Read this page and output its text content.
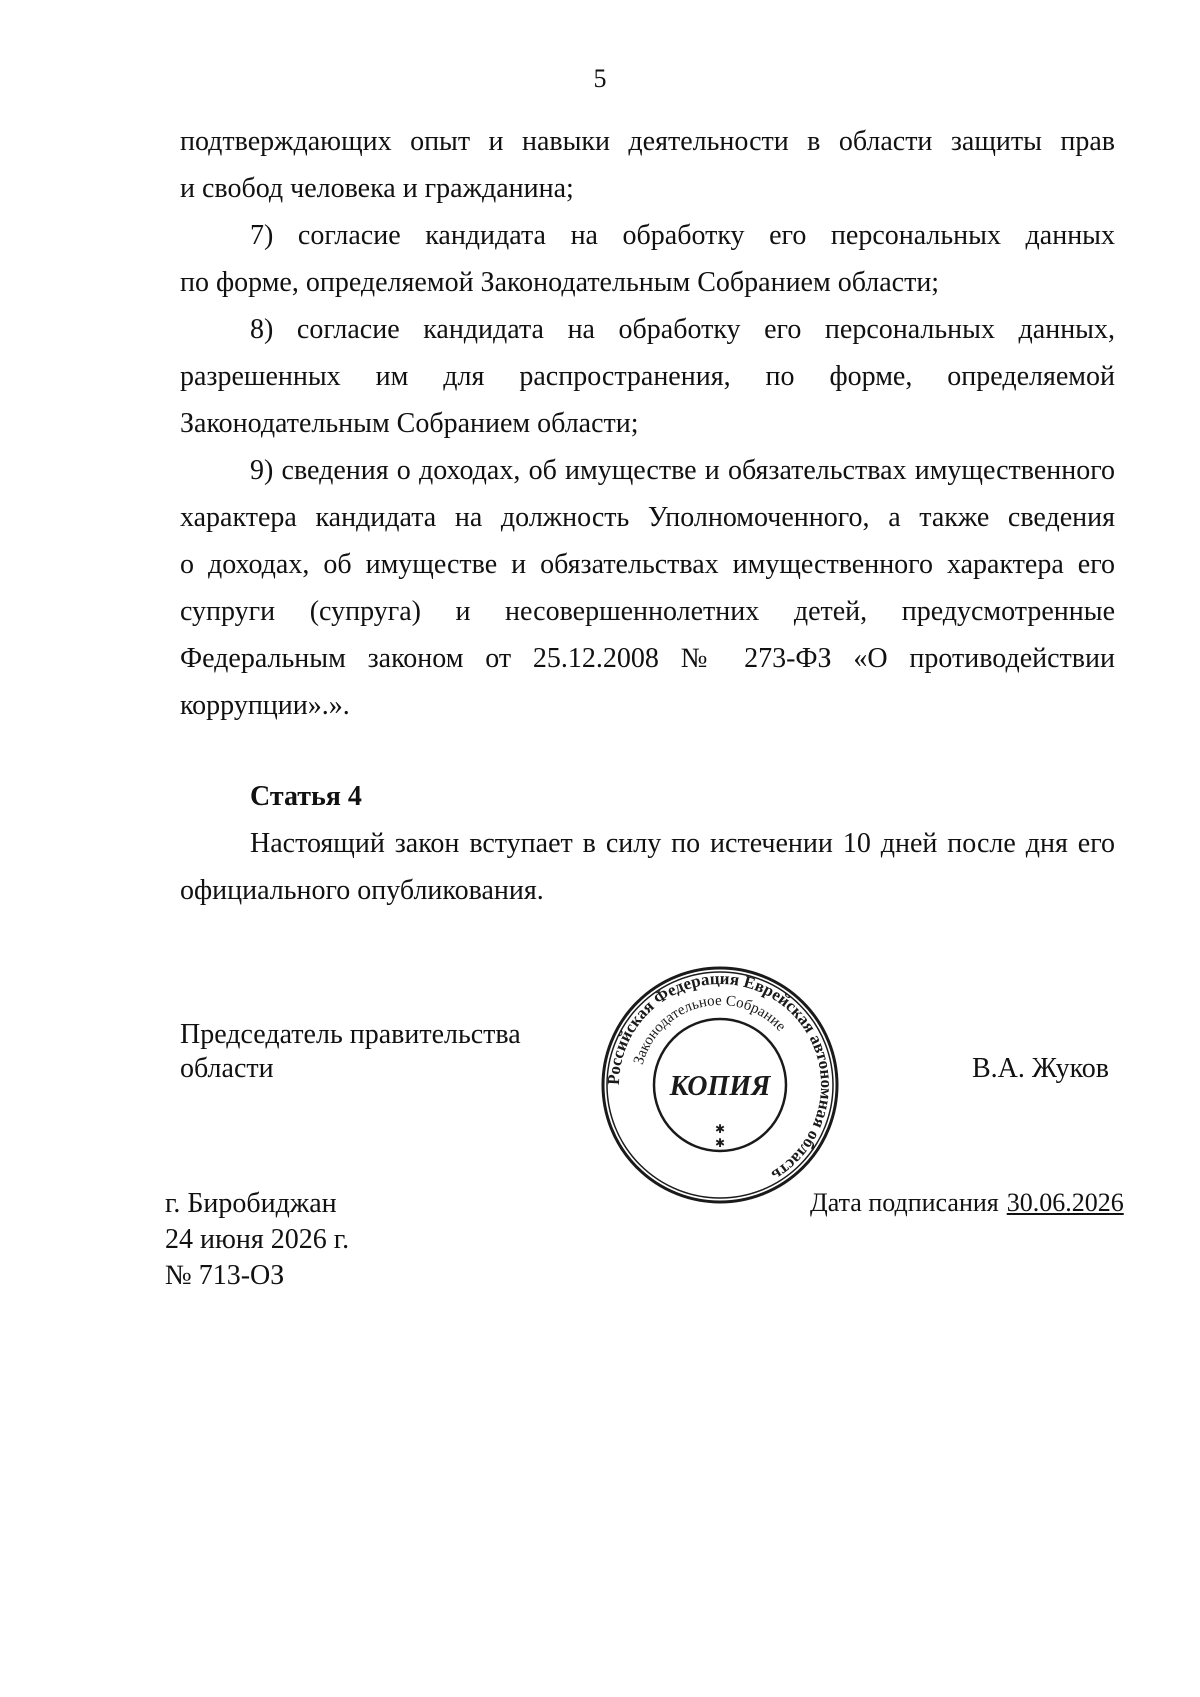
5
подтверждающих опыт и навыки деятельности в области защиты прав
и свобод человека и гражданина;
7) согласие кандидата на обработку его персональных данных
по форме, определяемой Законодательным Собранием области;
8) согласие кандидата на обработку его персональных данных,
разрешенных им для распространения, по форме, определяемой
Законодательным Собранием области;
9) сведения о доходах, об имуществе и обязательствах имущественного
характера кандидата на должность Уполномоченного, а также сведения
о доходах, об имуществе и обязательствах имущественного характера его
супруги (супруга) и несовершеннолетних детей, предусмотренные
Федеральным законом от 25.12.2008 № 273-ФЗ «О противодействии
коррупции».».
Статья 4
Настоящий закон вступает в силу по истечении 10 дней после дня его
официального опубликования.
Председатель правительства
области	Российская Федерация Еврейская автономная область
Законодательное Собрание
КОПИЯ
✱
✱
В.А. Жуков
г. Биробиджан
24 июня 2026 г.
№ 713-ОЗ
Дата подписания 30.06.2026
